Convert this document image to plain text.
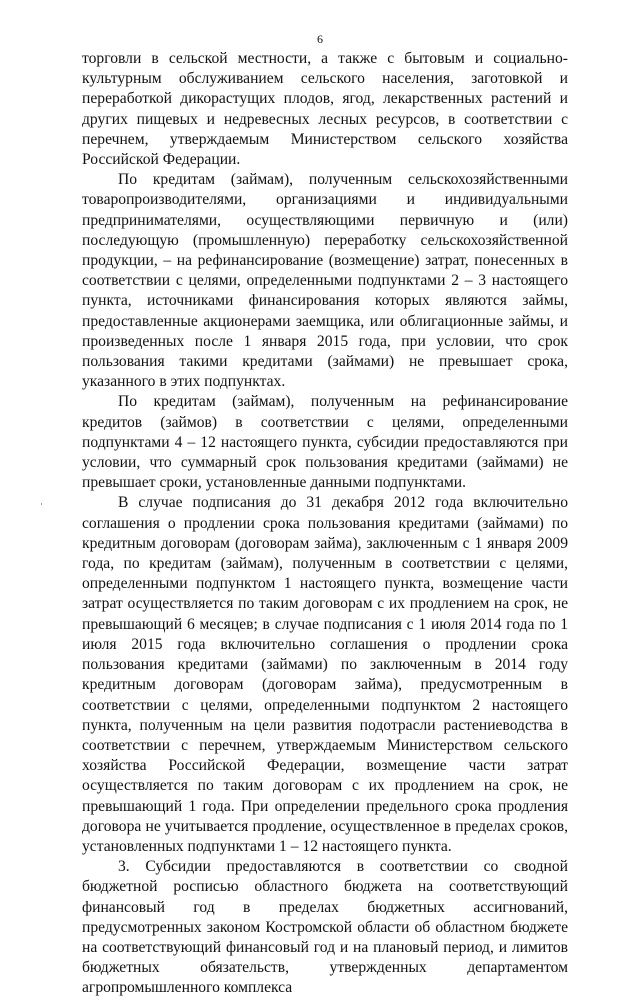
6

торговли в сельской местности, а также с бытовым и социально-культурным обслуживанием сельского населения, заготовкой и переработкой дикорастущих плодов, ягод, лекарственных растений и других пищевых и недревесных лесных ресурсов, в соответствии с перечнем, утверждаемым Министерством сельского хозяйства Российской Федерации.

По кредитам (займам), полученным сельскохозяйственными товаропроизводителями, организациями и индивидуальными предпринимателями, осуществляющими первичную и (или) последующую (промышленную) переработку сельскохозяйственной продукции, – на рефинансирование (возмещение) затрат, понесенных в соответствии с целями, определенными подпунктами 2 – 3 настоящего пункта, источниками финансирования которых являются займы, предоставленные акционерами заемщика, или облигационные займы, и произведенных после 1 января 2015 года, при условии, что срок пользования такими кредитами (займами) не превышает срока, указанного в этих подпунктах.

По кредитам (займам), полученным на рефинансирование кредитов (займов) в соответствии с целями, определенными подпунктами 4 – 12 настоящего пункта, субсидии предоставляются при условии, что суммарный срок пользования кредитами (займами) не превышает сроки, установленные данными подпунктами.

В случае подписания до 31 декабря 2012 года включительно соглашения о продлении срока пользования кредитами (займами) по кредитным договорам (договорам займа), заключенным с 1 января 2009 года, по кредитам (займам), полученным в соответствии с целями, определенными подпунктом 1 настоящего пункта, возмещение части затрат осуществляется по таким договорам с их продлением на срок, не превышающий 6 месяцев; в случае подписания с 1 июля 2014 года по 1 июля 2015 года включительно соглашения о продлении срока пользования кредитами (займами) по заключенным в 2014 году кредитным договорам (договорам займа), предусмотренным в соответствии с целями, определенными подпунктом 2 настоящего пункта, полученным на цели развития подотрасли растениеводства в соответствии с перечнем, утверждаемым Министерством сельского хозяйства Российской Федерации, возмещение части затрат осуществляется по таким договорам с их продлением на срок, не превышающий 1 года. При определении предельного срока продления договора не учитывается продление, осуществленное в пределах сроков, установленных подпунктами 1 – 12 настоящего пункта.

3. Субсидии предоставляются в соответствии со сводной бюджетной росписью областного бюджета на соответствующий финансовый год в пределах бюджетных ассигнований, предусмотренных законом Костромской области об областном бюджете на соответствующий финансовый год и на плановый период, и лимитов бюджетных обязательств, утвержденных департаментом агропромышленного комплекса
